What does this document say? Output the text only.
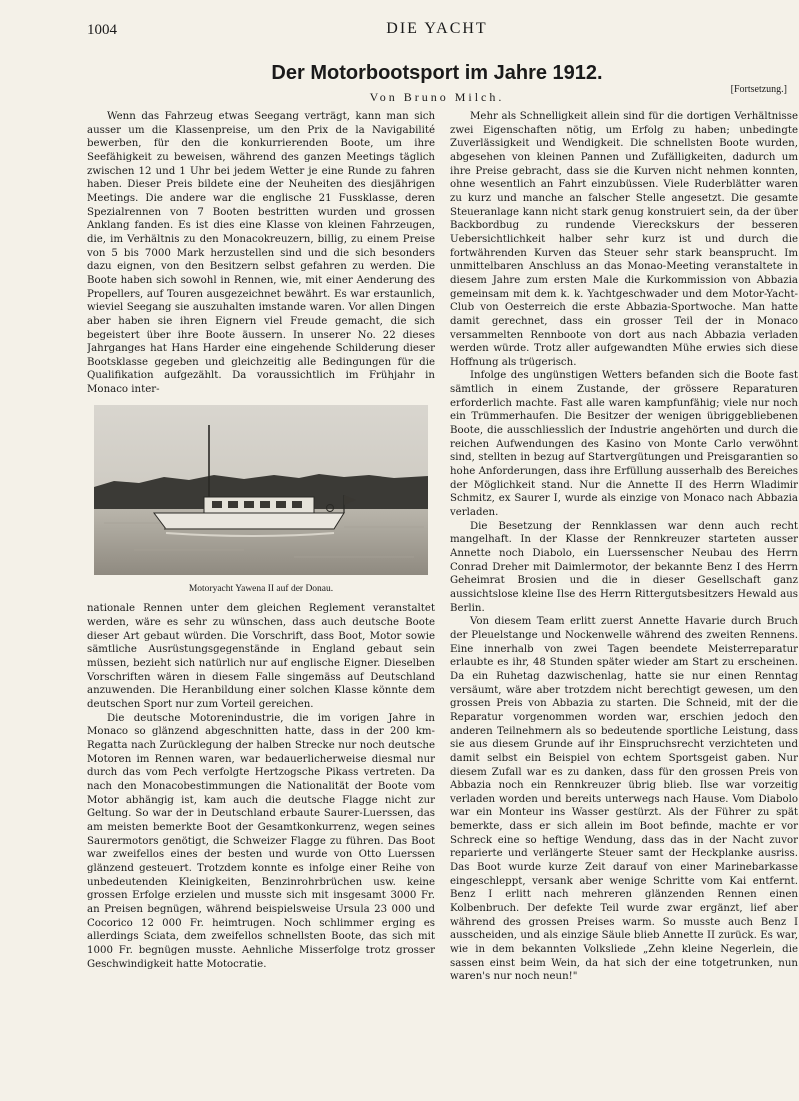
1004	DIE YACHT
Der Motorbootsport im Jahre 1912.
Von Bruno Milch.
[Fortsetzung.]

Wenn das Fahrzeug etwas Seegang verträgt, kann man sich ausser um die Klassenpreise, um den Prix de la Navigabilité bewerben, für den die konkurrierenden Boote, um ihre Seefähigkeit zu beweisen, während des ganzen Meetings täglich zwischen 12 und 1 Uhr bei jedem Wetter je eine Runde zu fahren haben. Dieser Preis bildete eine der Neuheiten des diesjährigen Meetings. Die andere war die englische 21 Fussklasse, deren Spezialrennen von 7 Booten bestritten wurden und grossen Anklang fanden. Es ist dies eine Klasse von kleinen Fahrzeugen, die, im Verhältnis zu den Monacokreuzern, billig, zu einem Preise von 5 bis 7000 Mark herzustellen sind und die sich besonders dazu eignen, von den Besitzern selbst gefahren zu werden. Die Boote haben sich sowohl in Rennen, wie, mit einer Aenderung des Propellers, auf Touren ausgezeichnet bewährt. Es war erstaunlich, wieviel Seegang sie auszuhalten imstande waren. Vor allen Dingen aber haben sie ihren Eignern viel Freude gemacht, die sich begeistert über ihre Boote äussern. In unserer No. 22 dieses Jahrganges hat Hans Harder eine eingehende Schilderung dieser Bootsklasse gegeben und gleichzeitig alle Bedingungen für die Qualifikation aufgezählt. Da voraussichtlich im Frühjahr in Monaco inter-

Motoryacht Yawena II auf der Donau.

nationale Rennen unter dem gleichen Reglement veranstaltet werden, wäre es sehr zu wünschen, dass auch deutsche Boote dieser Art gebaut würden. Die Vorschrift, dass Boot, Motor sowie sämtliche Ausrüstungsgegenstände in England gebaut sein müssen, bezieht sich natürlich nur auf englische Eigner. Dieselben Vorschriften wären in diesem Falle singemäss auf Deutschland anzuwenden. Die Heranbildung einer solchen Klasse könnte dem deutschen Sport nur zum Vorteil gereichen.

Die deutsche Motorenindustrie, die im vorigen Jahre in Monaco so glänzend abgeschnitten hatte, dass in der 200 km-Regatta nach Zurücklegung der halben Strecke nur noch deutsche Motoren im Rennen waren, war bedauerlicherweise diesmal nur durch das vom Pech verfolgte Hertzogsche Pikass vertreten. Da nach den Monacobestimmungen die Nationalität der Boote vom Motor abhängig ist, kam auch die deutsche Flagge nicht zur Geltung. So war der in Deutschland erbaute Saurer-Luerssen, das am meisten bemerkte Boot der Gesamtkonkurrenz, wegen seines Saurermotors genötigt, die Schweizer Flagge zu führen. Das Boot war zweifellos eines der besten und wurde von Otto Luerssen glänzend gesteuert. Trotzdem konnte es infolge einer Reihe von unbedeutenden Kleinigkeiten, Benzinrohrbrüchen usw. keine grossen Erfolge erzielen und musste sich mit insgesamt 3000 Fr. an Preisen begnügen, während beispielsweise Ursula 23 000 und Cocorico 12 000 Fr. heimtrugen. Noch schlimmer erging es allerdings Sciata, dem zweifellos schnellsten Boote, das sich mit 1000 Fr. begnügen musste. Aehnliche Misserfolge trotz grosser Geschwindigkeit hatte Motocratie.

Mehr als Schnelligkeit allein sind für die dortigen Verhältnisse zwei Eigenschaften nötig, um Erfolg zu haben; unbedingte Zuverlässigkeit und Wendigkeit. Die schnellsten Boote wurden, abgesehen von kleinen Pannen und Zufälligkeiten, dadurch um ihre Preise gebracht, dass sie die Kurven nicht nehmen konnten, ohne wesentlich an Fahrt einzubüssen. Viele Ruderblätter waren zu kurz und manche an falscher Stelle angesetzt. Die gesamte Steueranlage kann nicht stark genug konstruiert sein, da der über Backbordbug zu rundende Viereckskurs der besseren Uebersichtlichkeit halber sehr kurz ist und durch die fortwährenden Kurven das Steuer sehr stark beansprucht. Im unmittelbaren Anschluss an das Monao-Meeting veranstaltete in diesem Jahre zum ersten Male die Kurkommission von Abbazia gemeinsam mit dem k. k. Yachtgeschwader und dem Motor-Yacht-Club von Oesterreich die erste Abbazia-Sportwoche. Man hatte damit gerechnet, dass ein grosser Teil der in Monaco versammelten Rennboote von dort aus nach Abbazia verladen werden würde. Trotz aller aufgewandten Mühe erwies sich diese Hoffnung als trügerisch.

Infolge des ungünstigen Wetters befanden sich die Boote fast sämtlich in einem Zustande, der grössere Reparaturen erforderlich machte. Fast alle waren kampfunfähig; viele nur noch ein Trümmerhaufen. Die Besitzer der wenigen übriggebliebenen Boote, die ausschliesslich der Industrie angehörten und durch die reichen Aufwendungen des Kasino von Monte Carlo verwöhnt sind, stellten in bezug auf Startvergütungen und Preisgarantien so hohe Anforderungen, dass ihre Erfüllung ausserhalb des Bereiches der Möglichkeit stand. Nur die Annette II des Herrn Wladimir Schmitz, ex Saurer I, wurde als einzige von Monaco nach Abbazia verladen.

Die Besetzung der Rennklassen war denn auch recht mangelhaft. In der Klasse der Rennkreuzer starteten ausser Annette noch Diabolo, ein Luerssenscher Neubau des Herrn Conrad Dreher mit Daimlermotor, der bekannte Benz I des Herrn Geheimrat Brosien und die in dieser Gesellschaft ganz aussichtslose kleine Ilse des Herrn Rittergutsbesitzers Hewald aus Berlin.

Von diesem Team erlitt zuerst Annette Havarie durch Bruch der Pleuelstange und Nockenwelle während des zweiten Rennens. Eine innerhalb von zwei Tagen beendete Meisterreparatur erlaubte es ihr, 48 Stunden später wieder am Start zu erscheinen. Da ein Ruhetag dazwischenlag, hatte sie nur einen Renntag versäumt, wäre aber trotzdem nicht berechtigt gewesen, um den grossen Preis von Abbazia zu starten. Die Schneid, mit der die Reparatur vorgenommen worden war, erschien jedoch den anderen Teilnehmern als so bedeutende sportliche Leistung, dass sie aus diesem Grunde auf ihr Einspruchsrecht verzichteten und damit selbst ein Beispiel von echtem Sportsgeist gaben. Nur diesem Zufall war es zu danken, dass für den grossen Preis von Abbazia noch ein Rennkreuzer übrig blieb. Ilse war vorzeitig verladen worden und bereits unterwegs nach Hause. Vom Diabolo war ein Monteur ins Wasser gestürzt. Als der Führer zu spät bemerkte, dass er sich allein im Boot befinde, machte er vor Schreck eine so heftige Wendung, dass das in der Nacht zuvor reparierte und verlängerte Steuer samt der Heckplanke ausriss. Das Boot wurde kurze Zeit darauf von einer Marinebarkasse eingeschleppt, versank aber wenige Schritte vom Kai entfernt. Benz I erlitt nach mehreren glänzenden Rennen einen Kolbenbruch. Der defekte Teil wurde zwar ergänzt, lief aber während des grossen Preises warm. So musste auch Benz I ausscheiden, und als einzige Säule blieb Annette II zurück. Es war, wie in dem bekannten Volksliede „Zehn kleine Negerlein, die sassen einst beim Wein, da hat sich der eine totgetrunken, nun waren's nur noch neun!"
